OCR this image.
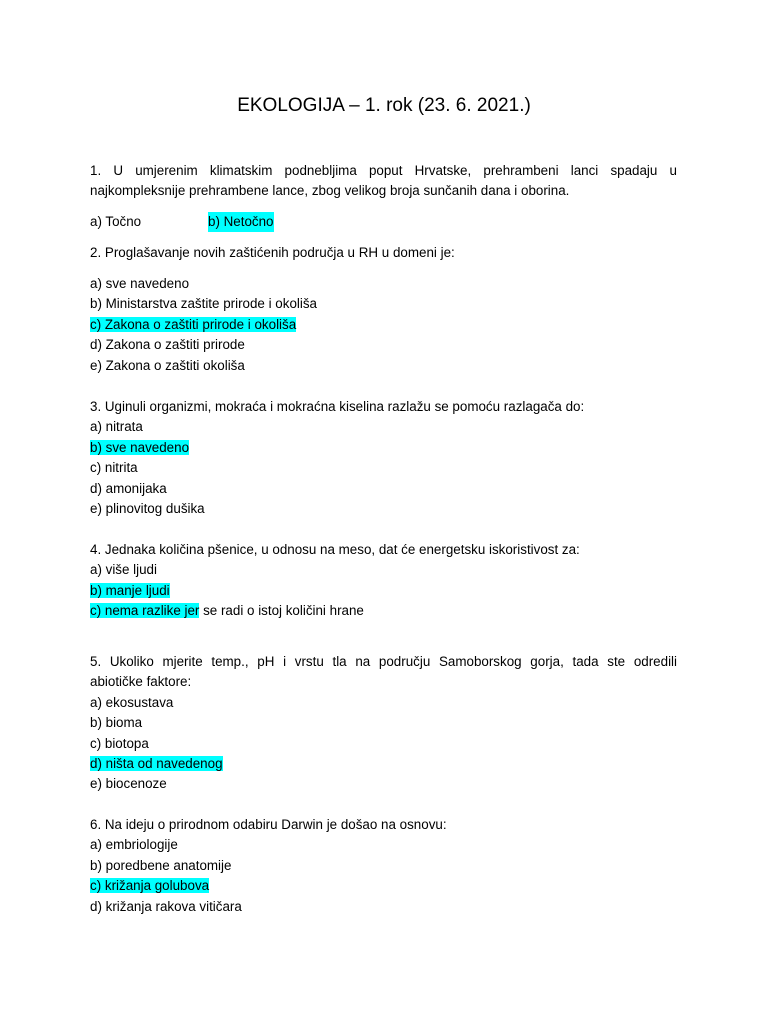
EKOLOGIJA – 1. rok (23. 6. 2021.)
1. U umjerenim klimatskim podnebljima poput Hrvatske, prehrambeni lanci spadaju u
najkompleksnije prehrambene lance, zbog velikog broja sunčanih dana i oborina.
a) Točno	b) Netočno
2. Proglašavanje novih zaštićenih područja u RH u domeni je:
a) sve navedeno
b) Ministarstva zaštite prirode i okoliša
c) Zakona o zaštiti prirode i okoliša
d) Zakona o zaštiti prirode
e) Zakona o zaštiti okoliša
3. Uginuli organizmi, mokraća i mokraćna kiselina razlažu se pomoću razlagača do:
a) nitrata
b) sve navedeno
c) nitrita
d) amonijaka
e) plinovitog dušika
4. Jednaka količina pšenice, u odnosu na meso, dat će energetsku iskoristivost za:
a) više ljudi
b) manje ljudi
c) nema razlike jer se radi o istoj količini hrane
5. Ukoliko mjerite temp., pH i vrstu tla na području Samoborskog gorja, tada ste odredili
abiotičke faktore:
a) ekosustava
b) bioma
c) biotopa
d) ništa od navedenog
e) biocenoze
6. Na ideju o prirodnom odabiru Darwin je došao na osnovu:
a) embriologije
b) poredbene anatomije
c) križanja golubova
d) križanja rakova vitičara
